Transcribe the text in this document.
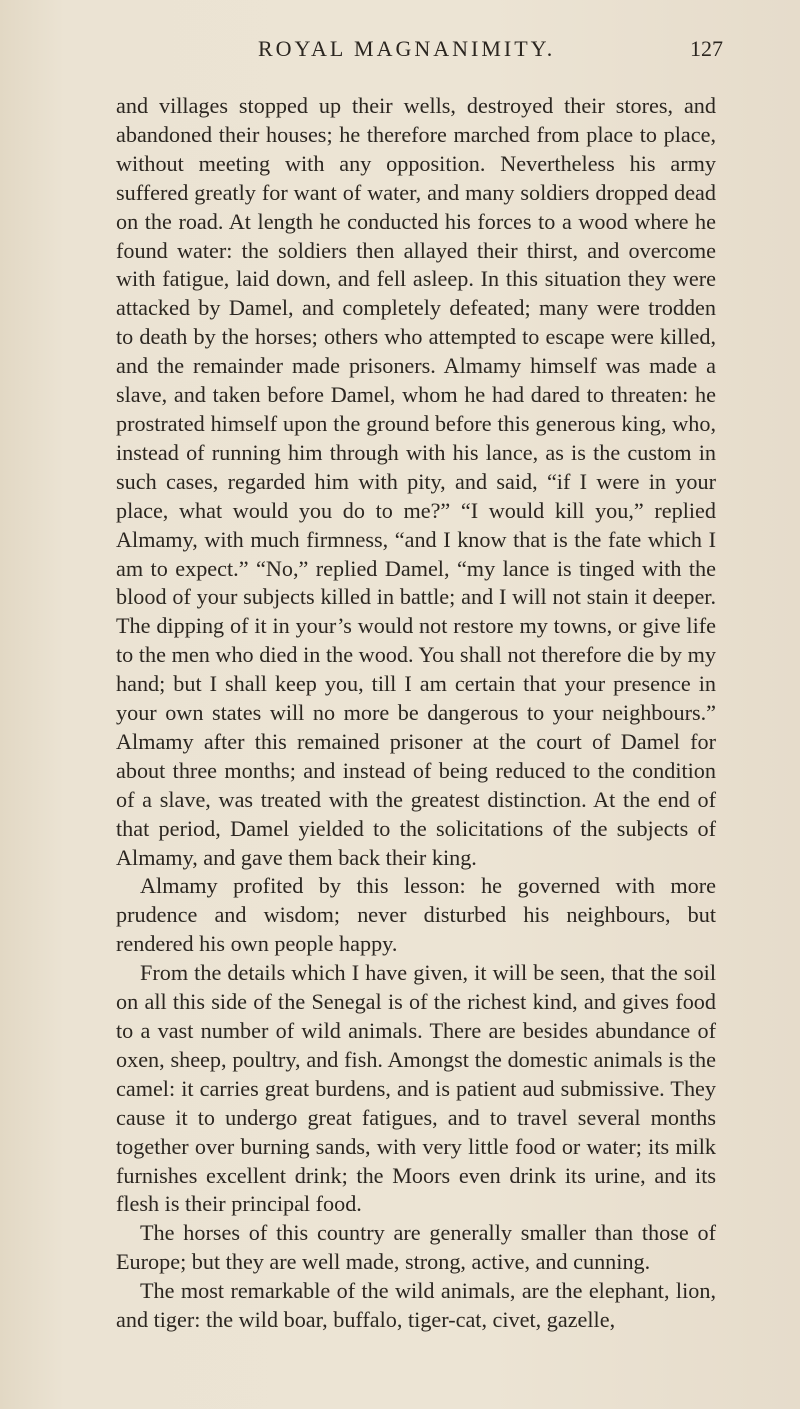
ROYAL MAGNANIMITY.	127

and villages stopped up their wells, destroyed their stores, and abandoned their houses; he therefore marched from place to place, without meeting with any opposition. Nevertheless his army suffered greatly for want of water, and many soldiers dropped dead on the road. At length he conducted his forces to a wood where he found water: the soldiers then allayed their thirst, and overcome with fatigue, laid down, and fell asleep. In this situation they were attacked by Damel, and completely defeated; many were trodden to death by the horses; others who attempted to escape were killed, and the remainder made prisoners. Almamy himself was made a slave, and taken before Damel, whom he had dared to threaten: he prostrated himself upon the ground before this generous king, who, instead of running him through with his lance, as is the custom in such cases, regarded him with pity, and said, “if I were in your place, what would you do to me?” “I would kill you,” replied Almamy, with much firmness, “and I know that is the fate which I am to expect.” “No,” replied Damel, “my lance is tinged with the blood of your subjects killed in battle; and I will not stain it deeper. The dipping of it in your’s would not restore my towns, or give life to the men who died in the wood. You shall not therefore die by my hand; but I shall keep you, till I am certain that your presence in your own states will no more be dangerous to your neighbours.” Almamy after this remained prisoner at the court of Damel for about three months; and instead of being reduced to the condition of a slave, was treated with the greatest distinction. At the end of that period, Damel yielded to the solicitations of the subjects of Almamy, and gave them back their king.

Almamy profited by this lesson: he governed with more prudence and wisdom; never disturbed his neighbours, but rendered his own people happy.

From the details which I have given, it will be seen, that the soil on all this side of the Senegal is of the richest kind, and gives food to a vast number of wild animals. There are besides abundance of oxen, sheep, poultry, and fish. Amongst the domestic animals is the camel: it carries great burdens, and is patient aud submissive. They cause it to undergo great fatigues, and to travel several months together over burning sands, with very little food or water; its milk furnishes excellent drink; the Moors even drink its urine, and its flesh is their principal food.

The horses of this country are generally smaller than those of Europe; but they are well made, strong, active, and cunning.

The most remarkable of the wild animals, are the elephant, lion, and tiger: the wild boar, buffalo, tiger-cat, civet, gazelle,
